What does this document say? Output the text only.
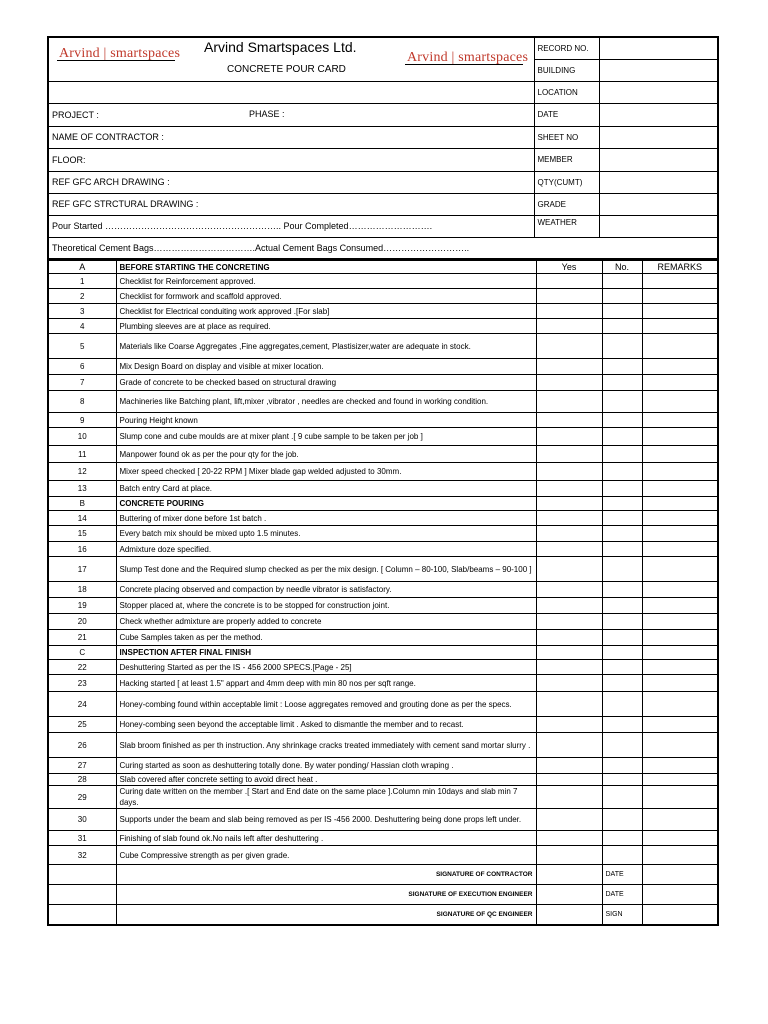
Arvind | smartspaces Arvind Smartspaces Ltd.
CONCRETE POUR CARD
Arvind | smartspaces	RECORD NO.	
	BUILDING	
	LOCATION	
PROJECT : PHASE :	DATE	
NAME OF CONTRACTOR :	SHEET NO	
FLOOR:	MEMBER	
REF GFC ARCH DRAWING :	QTY(CUMT)	
REF GFC STRCTURAL DRAWING :	GRADE	
Pour Started ………………………………………………….. Pour Completed……………………….	WEATHER	
Theoretical Cement Bags…………………………….Actual Cement Bags Consumed………………………..		
A	BEFORE STARTING THE CONCRETING	Yes	No.	REMARKS
1	Checklist for Reinforcement approved.			
2	Checklist for formwork and scaffold approved.			
3	Checklist for Electrical conduiting work approved .[For slab]			
4	Plumbing sleeves are at place as required.			
5	Materials like Coarse Aggregates ,Fine aggregates,cement, Plastisizer,water are adequate in stock.			
6	Mix Design Board on display and visible at mixer location.			
7	Grade of concrete to be checked based on structural drawing			
8	Machineries like Batching plant, lift,mixer ,vibrator , needles are checked and found in working condition.			
9	Pouring Height known			
10	Slump cone and cube moulds are at mixer plant .[ 9 cube sample to be taken per job ]			
11	Manpower found ok as per the pour qty for the job.			
12	Mixer speed checked [ 20-22 RPM ] Mixer blade gap welded adjusted to 30mm.			
13	Batch entry Card at place.			
B	CONCRETE POURING			
14	Buttering of mixer done before 1st batch .			
15	Every batch mix should be mixed upto 1.5 minutes.			
16	Admixture doze specified.			
17	Slump Test done and the Required slump checked as per the mix design. [ Column – 80-100, Slab/beams – 90-100 ]			
18	Concrete placing observed and compaction by needle vibrator is satisfactory.			
19	Stopper placed at, where the concrete is to be stopped for construction joint.			
20	Check whether admixture are properly added to concrete			
21	Cube Samples taken as per the method.			
C	INSPECTION AFTER FINAL FINISH			
22	Deshuttering Started as per the IS - 456 2000 SPECS.[Page - 25]			
23	Hacking started [ at least 1.5" appart and 4mm deep with min 80 nos per sqft range.			
24	Honey-combing found within acceptable limit : Loose aggregates removed and grouting done as per the specs.			
25	Honey-combing seen beyond the acceptable limit . Asked to dismantle the member and to recast.			
26	Slab broom finished as per th instruction. Any shrinkage cracks treated immediately with cement sand mortar slurry .			
27	Curing started as soon as deshuttering totally done. By water ponding/ Hassian cloth wraping .			
28	Slab covered after concrete setting to avoid direct heat .			
29	Curing date written on the member .[ Start and End date on the same place ].Column min 10days and slab min 7 days.			
30	Supports under the beam and slab being removed as per IS -456 2000. Deshuttering being done props left under.			
31	Finishing of slab found ok.No nails left after deshuttering .			
32	Cube Compressive strength as per given grade.			
	SIGNATURE OF CONTRACTOR		DATE	
	SIGNATURE OF EXECUTION ENGINEER		DATE	
	SIGNATURE OF QC ENGINEER		SIGN	
